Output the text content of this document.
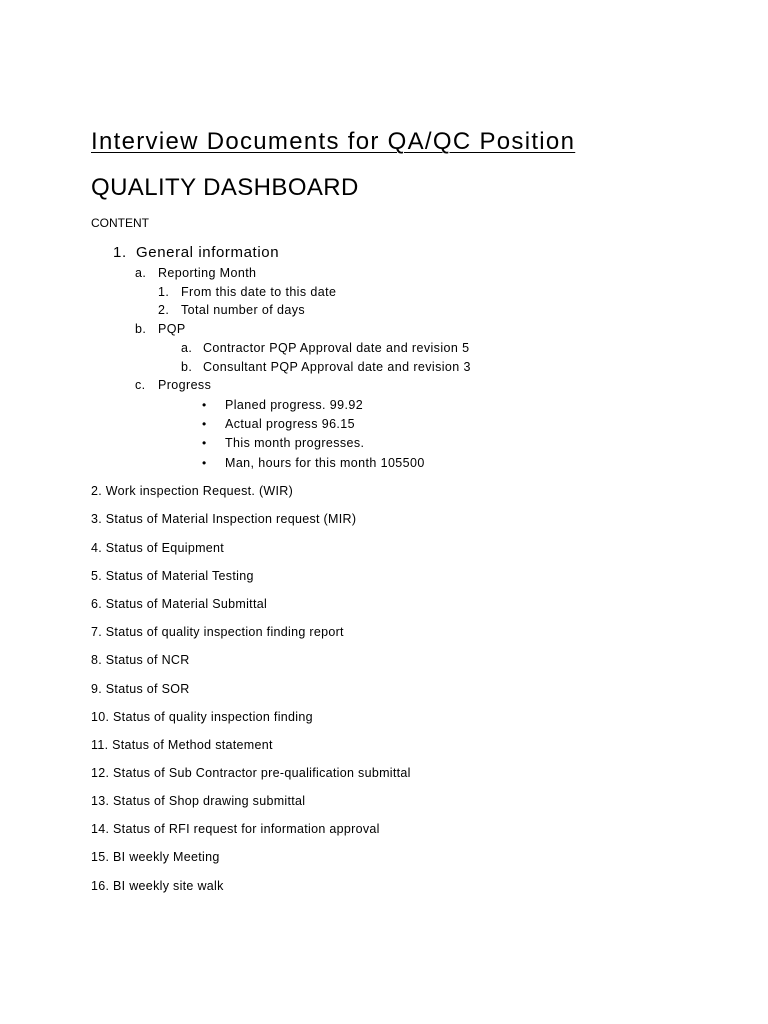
Interview Documents for QA/QC Position
QUALITY DASHBOARD
CONTENT
1. General information
a. Reporting Month
1. From this date to this date
2. Total number of days
b. PQP
a. Contractor PQP Approval date and revision 5
b. Consultant PQP Approval date and revision 3
c. Progress
• Planed progress. 99.92
• Actual progress 96.15
• This month progresses.
• Man, hours for this month 105500
2. Work inspection Request. (WIR)
3. Status of Material Inspection request (MIR)
4. Status of Equipment
5. Status of Material Testing
6. Status of Material Submittal
7. Status of quality inspection finding report
8. Status of NCR
9. Status of SOR
10. Status of quality inspection finding
11. Status of Method statement
12. Status of Sub Contractor pre-qualification submittal
13. Status of Shop drawing submittal
14. Status of RFI request for information approval
15. BI weekly Meeting
16. BI weekly site walk
